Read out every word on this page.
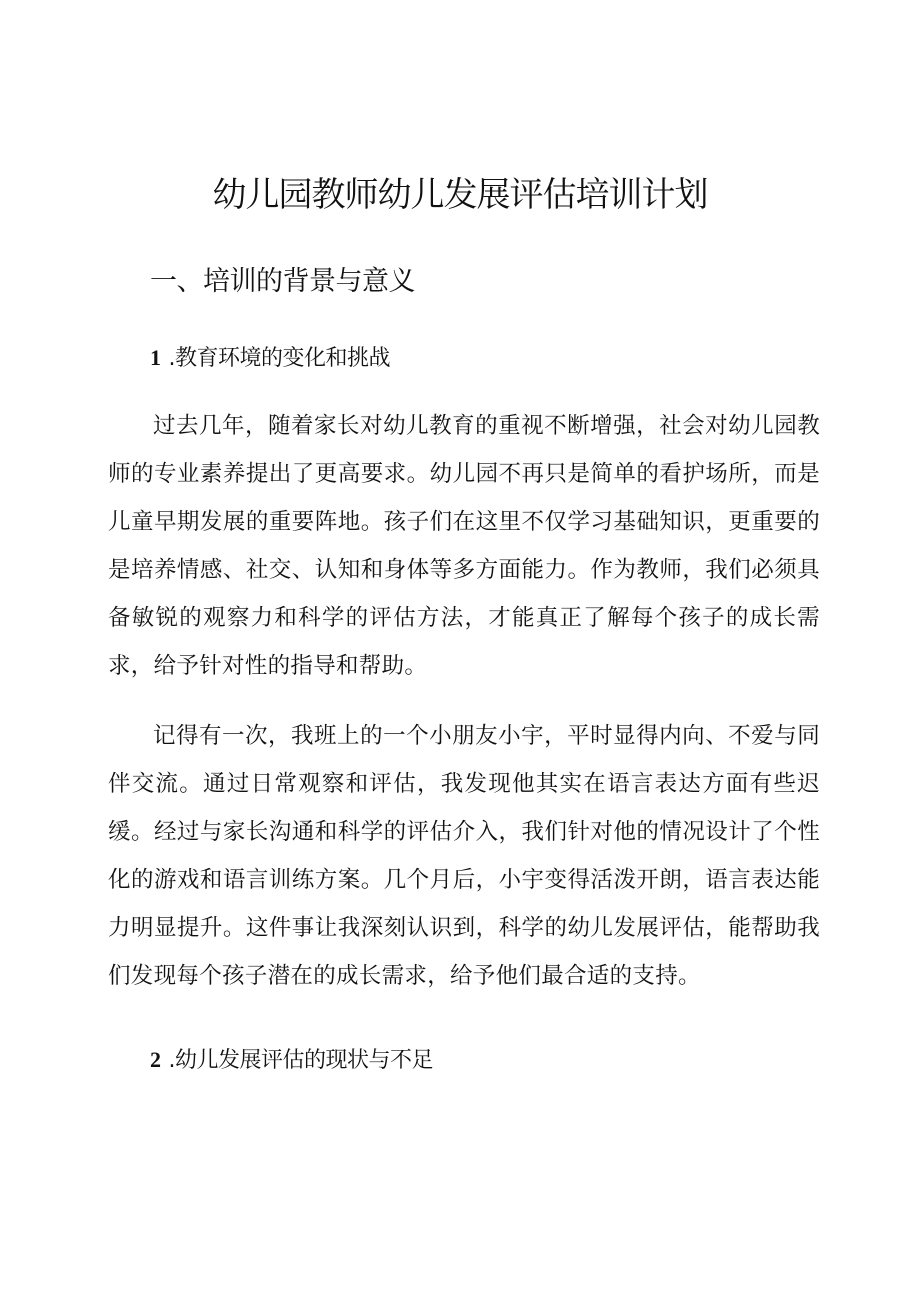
幼儿园教师幼儿发展评估培训计划
一、培训的背景与意义
1 .教育环境的变化和挑战

过去几年，随着家长对幼儿教育的重视不断增强，社会对幼儿园教师的专业素养提出了更高要求。幼儿园不再只是简单的看护场所，而是儿童早期发展的重要阵地。孩子们在这里不仅学习基础知识，更重要的是培养情感、社交、认知和身体等多方面能力。作为教师，我们必须具备敏锐的观察力和科学的评估方法，才能真正了解每个孩子的成长需求，给予针对性的指导和帮助。

记得有一次，我班上的一个小朋友小宇，平时显得内向、不爱与同伴交流。通过日常观察和评估，我发现他其实在语言表达方面有些迟缓。经过与家长沟通和科学的评估介入，我们针对他的情况设计了个性化的游戏和语言训练方案。几个月后，小宇变得活泼开朗，语言表达能力明显提升。这件事让我深刻认识到，科学的幼儿发展评估，能帮助我们发现每个孩子潜在的成长需求，给予他们最合适的支持。

2 .幼儿发展评估的现状与不足
